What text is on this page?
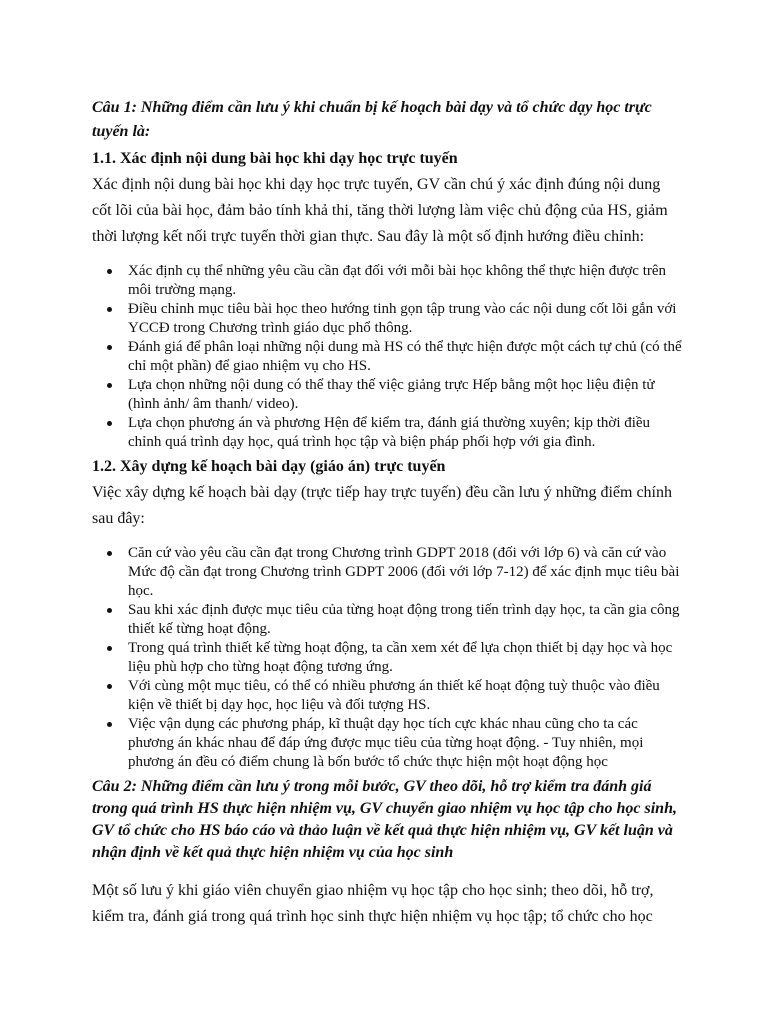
Câu 1: Những điểm cần lưu ý khi chuẩn bị kế hoạch bài dạy và tổ chức dạy học trực tuyến là:

1.1. Xác định nội dung bài học khi dạy học trực tuyến

Xác định nội dung bài học khi dạy học trực tuyến, GV cần chú ý xác định đúng nội dung cốt lõi của bài học, đảm bảo tính khả thi, tăng thời lượng làm việc chủ động của HS, giảm thời lượng kết nối trực tuyến thời gian thực. Sau đây là một số định hướng điều chỉnh:

Xác định cụ thể những yêu cầu cần đạt đối với mỗi bài học không thể thực hiện được trên môi trường mạng.
Điều chỉnh mục tiêu bài học theo hướng tinh gọn tập trung vào các nội dung cốt lõi gắn với YCCĐ trong Chương trình giáo dục phổ thông.
Đánh giá để phân loại những nội dung mà HS có thể thực hiện được một cách tự chủ (có thể chỉ một phần) để giao nhiệm vụ cho HS.
Lựa chọn những nội dung có thể thay thế việc giảng trực Hếp bằng một học liệu điện tử (hình ảnh/ âm thanh/ video).
Lựa chọn phương án và phương Hện để kiểm tra, đánh giá thường xuyên; kịp thời điều chỉnh quá trình dạy học, quá trình học tập và biện pháp phối hợp với gia đình.

1.2. Xây dựng kế hoạch bài dạy (giáo án) trực tuyến

Việc xây dựng kế hoạch bài dạy (trực tiếp hay trực tuyến) đều cần lưu ý những điểm chính sau đây:

Căn cứ vào yêu cầu cần đạt trong Chương trình GDPT 2018 (đối với lớp 6) và căn cứ vào Mức độ cần đạt trong Chương trình GDPT 2006 (đối với lớp 7-12) để xác định mục tiêu bài học.
Sau khi xác định được mục tiêu của từng hoạt động trong tiến trình dạy học, ta cần gia công thiết kế từng hoạt động.
Trong quá trình thiết kế từng hoạt động, ta cần xem xét để lựa chọn thiết bị dạy học và học liệu phù hợp cho từng hoạt động tương ứng.
Với cùng một mục tiêu, có thể có nhiều phương án thiết kế hoạt động tuỳ thuộc vào điều kiện về thiết bị dạy học, học liệu và đối tượng HS.
Việc vận dụng các phương pháp, kĩ thuật dạy học tích cực khác nhau cũng cho ta các phương án khác nhau để đáp ứng được mục tiêu của từng hoạt động. - Tuy nhiên, mọi phương án đều có điểm chung là bốn bước tổ chức thực hiện một hoạt động học

Câu 2: Những điểm cần lưu ý trong mỗi bước, GV theo dõi, hỗ trợ kiểm tra đánh giá trong quá trình HS thực hiện nhiệm vụ, GV chuyển giao nhiệm vụ học tập cho học sinh, GV tổ chức cho HS báo cáo và thảo luận về kết quả thực hiện nhiệm vụ, GV kết luận và nhận định về kết quả thực hiện nhiệm vụ của học sinh

Một số lưu ý khi giáo viên chuyển giao nhiệm vụ học tập cho học sinh; theo dõi, hỗ trợ, kiểm tra, đánh giá trong quá trình học sinh thực hiện nhiệm vụ học tập; tổ chức cho học
